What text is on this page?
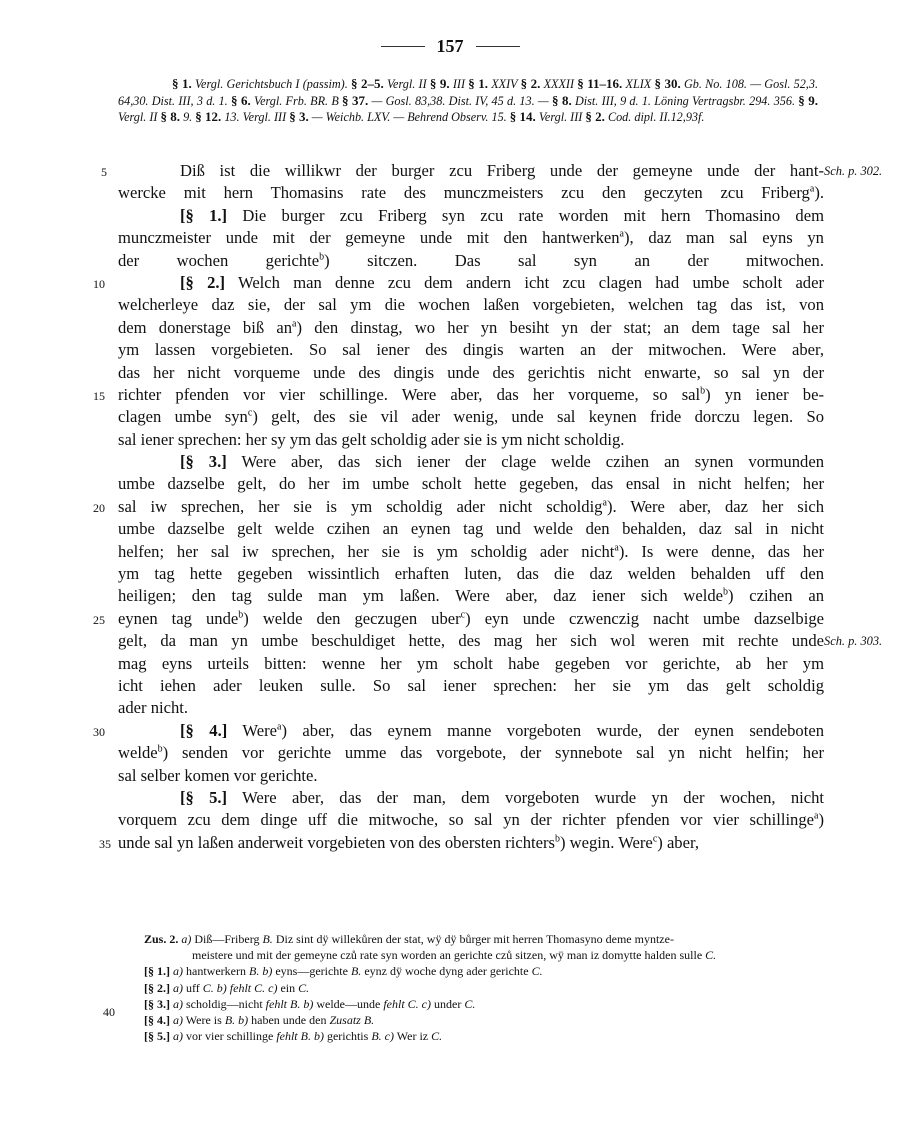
157
§ 1. Vergl. Gerichtsbuch I (passim). § 2–5. Vergl. II § 9. III § 1. XXIV § 2. XXXII § 11–16. XLIX § 30. Gb. No. 108. — Gosl. 52,3. 64,30. Dist. III, 3 d. 1. § 6. Vergl. Frb. BR. B § 37. — Gosl. 83,38. Dist. IV, 45 d. 13. — § 8. Dist. III, 9 d. 1. Löning Vertragsbr. 294. 356. § 9. Vergl. II § 8. 9. § 12. 13. Vergl. III § 3. — Weichb. LXV. — Behrend Observ. 15. § 14. Vergl. III § 2. Cod. dipl. II.12,93f.
Diß ist die willikwr der burger zcu Friberg unde der gemeyne unde der hant-
5	Sch. p. 302.
wercke mit hern Thomasins rate des munczmeisters zcu den geczyten zcu Friberg$^a$).
[§ 1.] Die burger zcu Friberg syn zcu rate worden mit hern Thomasino dem
munczmeister unde mit der gemeyne unde mit den hantwerken$^a$), daz man sal eyns yn
der wochen gerichte$^b$) sitczen. Das sal syn an der mitwochen.
[§ 2.] Welch man denne zcu dem andern icht zcu clagen had umbe scholt ader
10
welcherleye daz sie, der sal ym die wochen laßen vorgebieten, welchen tag das ist, von
dem donerstage biß $an^a$) den dinstag, wo her yn besiht yn der stat; an dem tage sal her
ym lassen vorgebieten. So sal iener des dingis warten an der mitwochen. Were aber,
das her nicht vorqueme unde des dingis unde des gerichtis nicht enwarte, so sal yn der
richter pfenden vor vier schillinge. Were aber, das her vorqueme, so sal$^b$) yn iener be-
15
clagen umbe syn$^c$) gelt, des sie vil ader wenig, unde sal keynen fride dorczu legen. So
sal iener sprechen: her sy ym das gelt scholdig ader sie is ym nicht scholdig.
[§ 3.] Were aber, das sich iener der clage welde czihen an synen vormunden
umbe dazselbe gelt, do her im umbe scholt hette gegeben, das ensal in nicht helfen; her
sal iw sprechen, her sie is ym scholdig ader nicht scholdig$^a$). Were aber, daz her sich
20
umbe dazselbe gelt welde czihen an eynen tag und welde den behalden, daz sal in nicht
helfen; her sal iw sprechen, her sie is ym scholdig ader nicht$^a$). Is were denne, das her
ym tag hette gegeben wissintlich erhaften luten, das die daz welden behalden uff den
heiligen; den tag sulde man ym laßen. Were aber, daz iener sich welde$^b$) czihen an
eynen tag unde$^b$) welde den geczugen uber$^c$) eyn unde czwenczig nacht umbe dazselbige
25
gelt, da man yn umbe beschuldiget hette, des mag her sich wol weren mit rechte unde Sch. p. 303.
mag eyns urteils bitten: wenne her ym scholt habe gegeben vor gerichte, ab her ym
icht iehen ader leuken sulle. So sal iener sprechen: her sie ym das gelt scholdig
ader nicht.
[§ 4.] Were$^a$) aber, das eynem manne vorgeboten wurde, der eynen sendeboten
30
welde$^b$) senden vor gerichte umme das vorgebote, der synnebote sal yn nicht helfin; her
sal selber komen vor gerichte.
[§ 5.] Were aber, das der man, dem vorgeboten wurde yn der wochen, nicht
vorquem zcu dem dinge uff die mitwoche, so sal yn der richter pfenden vor vier schillinge$^a$)
unde sal yn laßen anderweit vorgebieten von des obersten richters$^b$) wegin. Were$^c$) aber,
35
Zus. 2. a) Diß—Friberg B. Diz sint dÿ willekůren der stat, wÿ dÿ bůrger mit herren Thomasyno deme myntze-
meistere und mit der gemeyne czů rate syn worden an gerichte czů sitzen, wÿ man iz domytte halden sulle C.
[§ 1.] a) hantwerkern B. b) eyns—gerichte B. eynz dÿ woche dyng ader gerichte C.
[§ 2.] a) uff C. b) fehlt C. c) ein C.
[§ 3.] a) scholdig—nicht fehlt B. b) welde—unde fehlt C. c) under C.
[§ 4.] a) Were is B. b) haben unde den Zusatz B.
[§ 5.] a) vor vier schillinge fehlt B. b) gerichtis B. c) Wer iz C.
40
